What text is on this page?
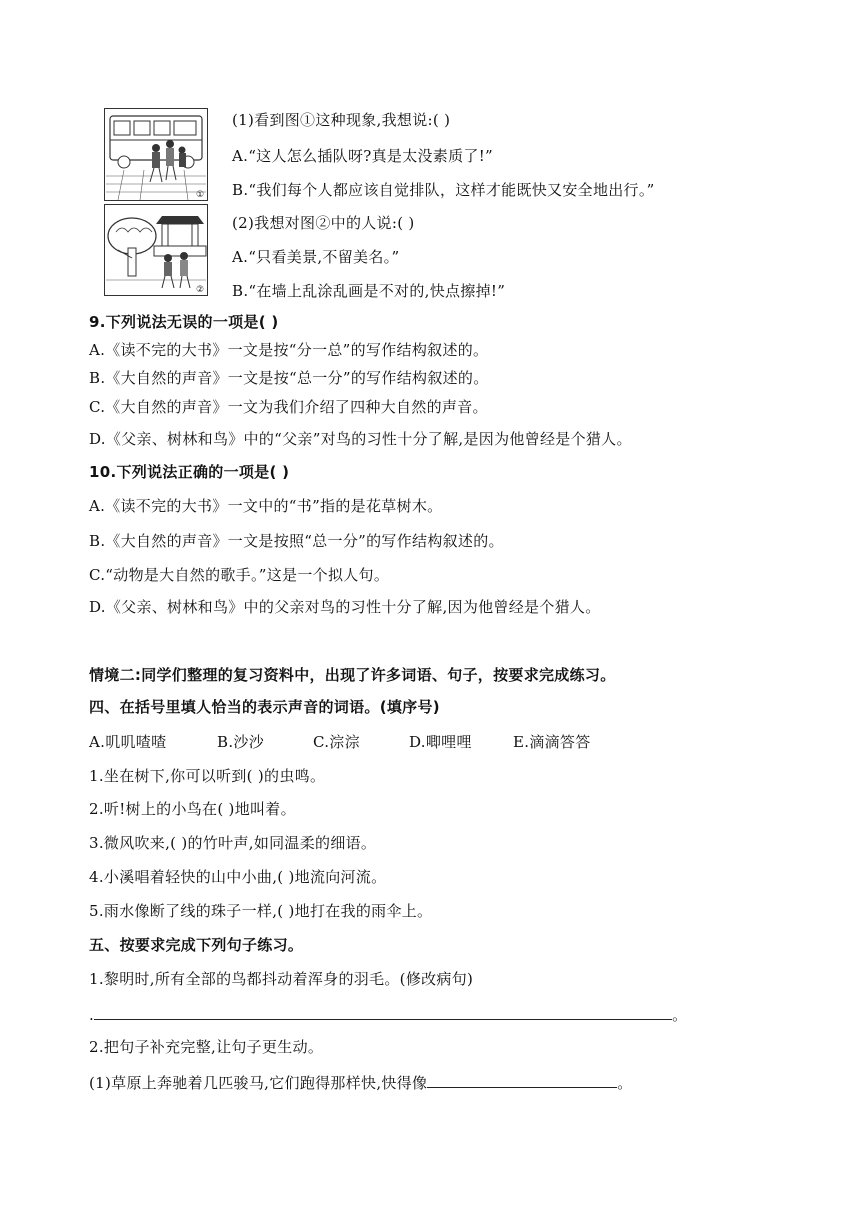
①
②
(1)看到图①这种现象,我想说:( )
A.“这人怎么插队呀?真是太没素质了!”
B.“我们每个人都应该自觉排队，这样才能既快又安全地出行。”
(2)我想对图②中的人说:( )
A.“只看美景,不留美名。”
B.“在墙上乱涂乱画是不对的,快点擦掉!”
9.下列说法无误的一项是( )
A.《读不完的大书》一文是按“分一总”的写作结构叙述的。
B.《大自然的声音》一文是按“总一分”的写作结构叙述的。
C.《大自然的声音》一文为我们介绍了四种大自然的声音。
D.《父亲、树林和鸟》中的“父亲”对鸟的习性十分了解,是因为他曾经是个猎人。
10.下列说法正确的一项是( )
A.《读不完的大书》一文中的“书”指的是花草树木。
B.《大自然的声音》一文是按照“总一分”的写作结构叙述的。
C.“动物是大自然的歌手。”这是一个拟人句。
D.《父亲、树林和鸟》中的父亲对鸟的习性十分了解,因为他曾经是个猎人。
情境二:同学们整理的复习资料中，出现了许多词语、句子，按要求完成练习。
四、在括号里填人恰当的表示声音的词语。(填序号)
A.叽叽喳喳	B.沙沙	C.淙淙	D.唧哩哩	E.滴滴答答
1.坐在树下,你可以听到( )的虫鸣。
2.听!树上的小鸟在( )地叫着。
3.微风吹来,( )的竹叶声,如同温柔的细语。
4.小溪唱着轻快的山中小曲,( )地流向河流。
5.雨水像断了线的珠子一样,( )地打在我的雨伞上。
五、按要求完成下列句子练习。
1.黎明时,所有全部的鸟都抖动着浑身的羽毛。(修改病句)
.	。
2.把句子补充完整,让句子更生动。
(1)草原上奔驰着几匹骏马,它们跑得那样快,快得像	。
